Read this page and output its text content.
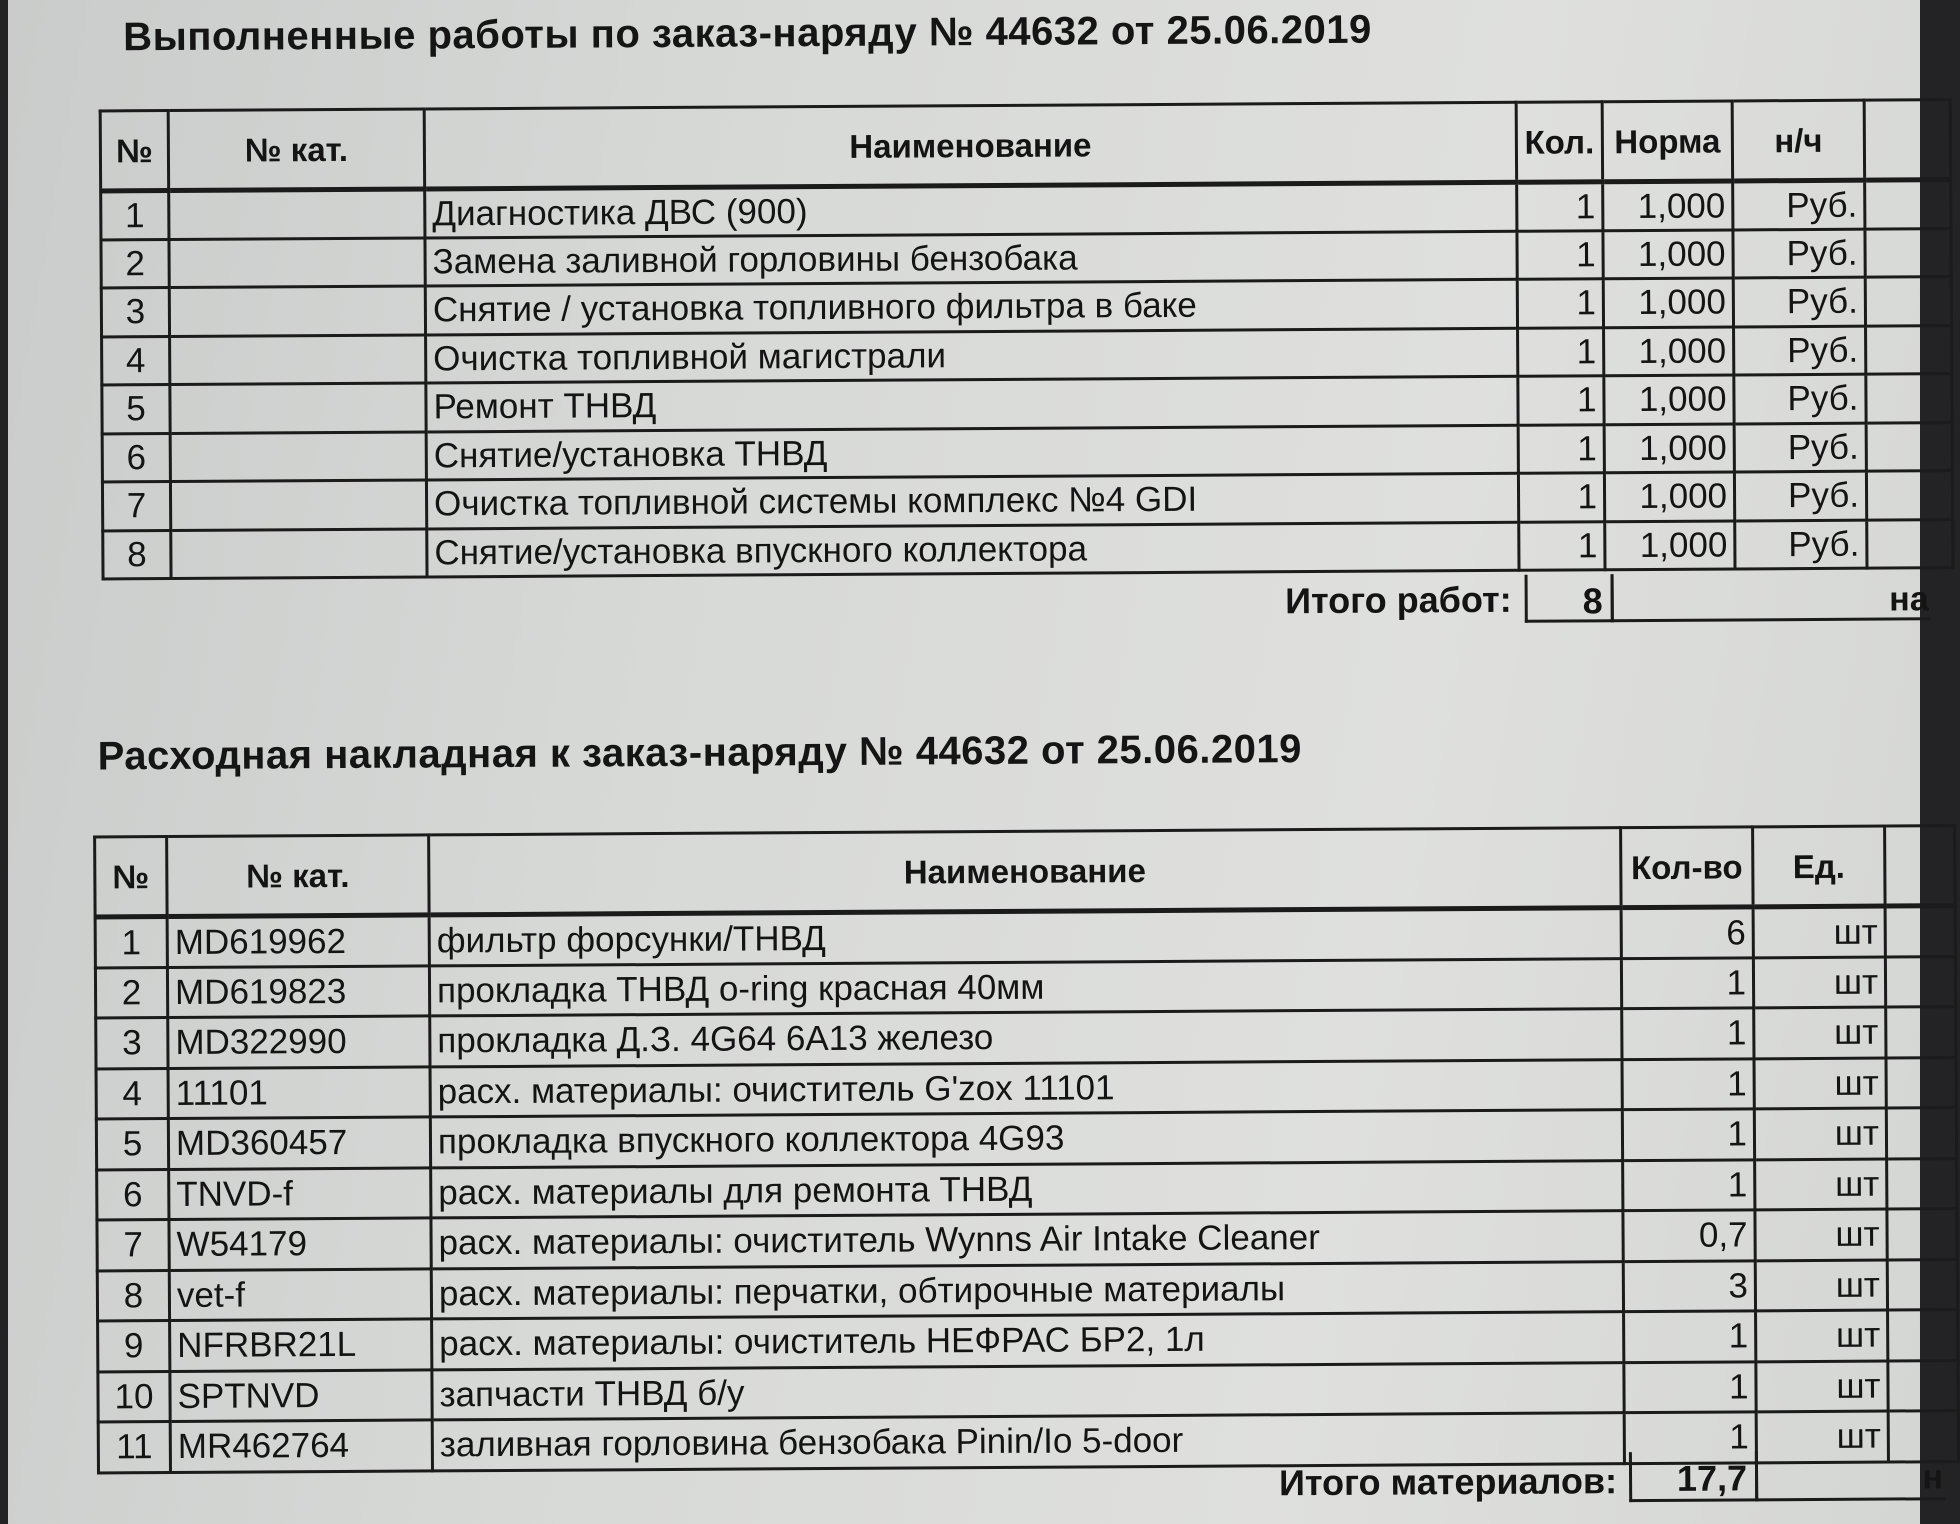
Выполненные работы по заказ-наряду № 44632 от 25.06.2019
№	№ кат.	Наименование	Кол.	Норма	н/ч	
1		Диагностика ДВС (900)	1	1,000	Руб.	
2		Замена заливной горловины бензобака	1	1,000	Руб.	
3		Снятие / установка топливного фильтра в баке	1	1,000	Руб.	
4		Очистка топливной магистрали	1	1,000	Руб.	
5		Ремонт ТНВД	1	1,000	Руб.	
6		Снятие/установка ТНВД	1	1,000	Руб.	
7		Очистка топливной системы комплекс №4 GDI	1	1,000	Руб.	
8		Снятие/установка впускного коллектора	1	1,000	Руб.	
Итого работ:	8	на
Расходная накладная к заказ-наряду № 44632 от 25.06.2019
№	№ кат.	Наименование	Кол-во	Ед.	
1	MD619962	фильтр форсунки/ТНВД	6	шт	
2	MD619823	прокладка ТНВД o-ring красная 40мм	1	шт	
3	MD322990	прокладка Д.З. 4G64 6A13 железо	1	шт	
4	11101	расх. материалы: очиститель G'zox 11101	1	шт	
5	MD360457	прокладка впускного коллектора 4G93	1	шт	
6	TNVD-f	расх. материалы для ремонта ТНВД	1	шт	
7	W54179	расх. материалы: очиститель Wynns Air Intake Cleaner	0,7	шт	
8	vet-f	расх. материалы: перчатки, обтирочные материалы	3	шт	
9	NFRBR21L	расх. материалы: очиститель НЕФРАС БР2, 1л	1	шт	
10	SPTNVD	запчасти ТНВД б/у	1	шт	
11	MR462764	заливная горловина бензобака Pinin/Io 5-door	1	шт	
Итого материалов:	17,7	н
